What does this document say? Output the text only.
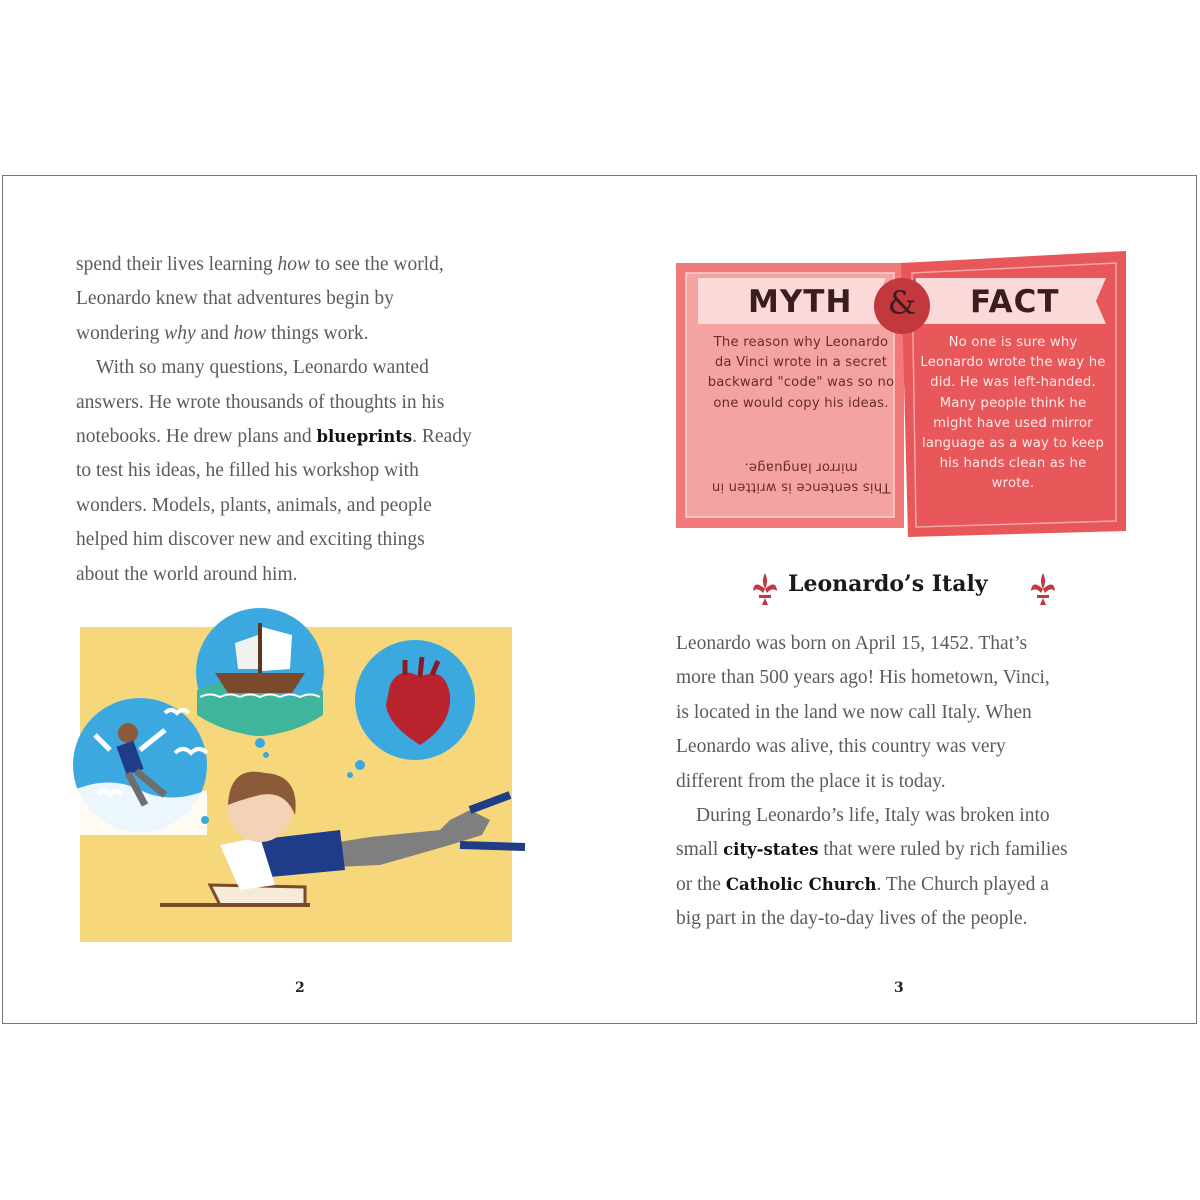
spend their lives learning how to see the world,
Leonardo knew that adventures begin by
wondering why and how things work.
With so many questions, Leonardo wanted
answers. He wrote thousands of thoughts in his
notebooks. He drew plans and blueprints. Ready
to test his ideas, he filled his workshop with
wonders. Models, plants, animals, and people
helped him discover new and exciting things
about the world around him.

2

MYTH & FACT

The reason why Leonardo da Vinci wrote in a secret backward "code" was so no one would copy his ideas.

This sentence is written in mirror language.

No one is sure why Leonardo wrote the way he did. He was left-handed. Many people think he might have used mirror language as a way to keep his hands clean as he wrote.

Leonardo’s Italy
Leonardo was born on April 15, 1452. That’s
more than 500 years ago! His hometown, Vinci,
is located in the land we now call Italy. When
Leonardo was alive, this country was very
different from the place it is today.
During Leonardo’s life, Italy was broken into
small city-states that were ruled by rich families
or the Catholic Church. The Church played a
big part in the day-to-day lives of the people.

3
